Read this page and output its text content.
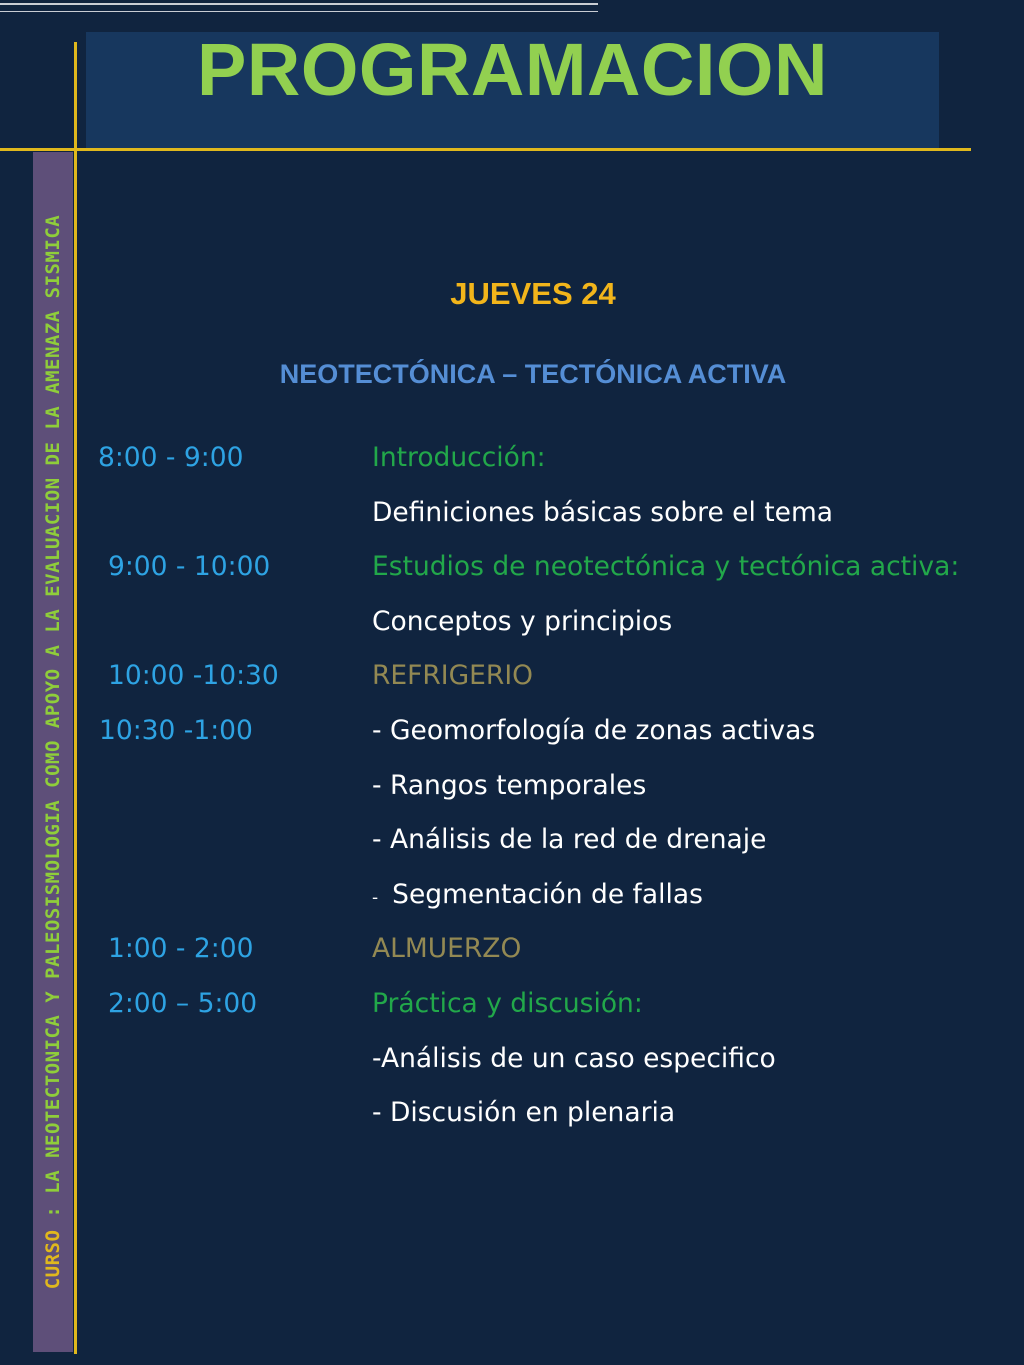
PROGRAMACION
CURSO : LA NEOTECTONICA Y PALEOSISMOLOGIA COMO APOYO A LA EVALUACION DE LA AMENAZA SISMICA	JUEVES 24
NEOTECTÓNICA – TECTÓNICA ACTIVA
8:00 - 9:00	Introducción:
Definiciones básicas sobre el tema
9:00 - 10:00	Estudios de neotectónica y tectónica activa:
Conceptos y principios
10:00 -10:30	REFRIGERIO
10:30 -1:00	- Geomorfología de zonas activas
- Rangos temporales
- Análisis de la red de drenaje
- Segmentación de fallas
1:00 - 2:00	ALMUERZO
2:00 – 5:00	Práctica y discusión:
-Análisis de un caso especifico
- Discusión en plenaria
